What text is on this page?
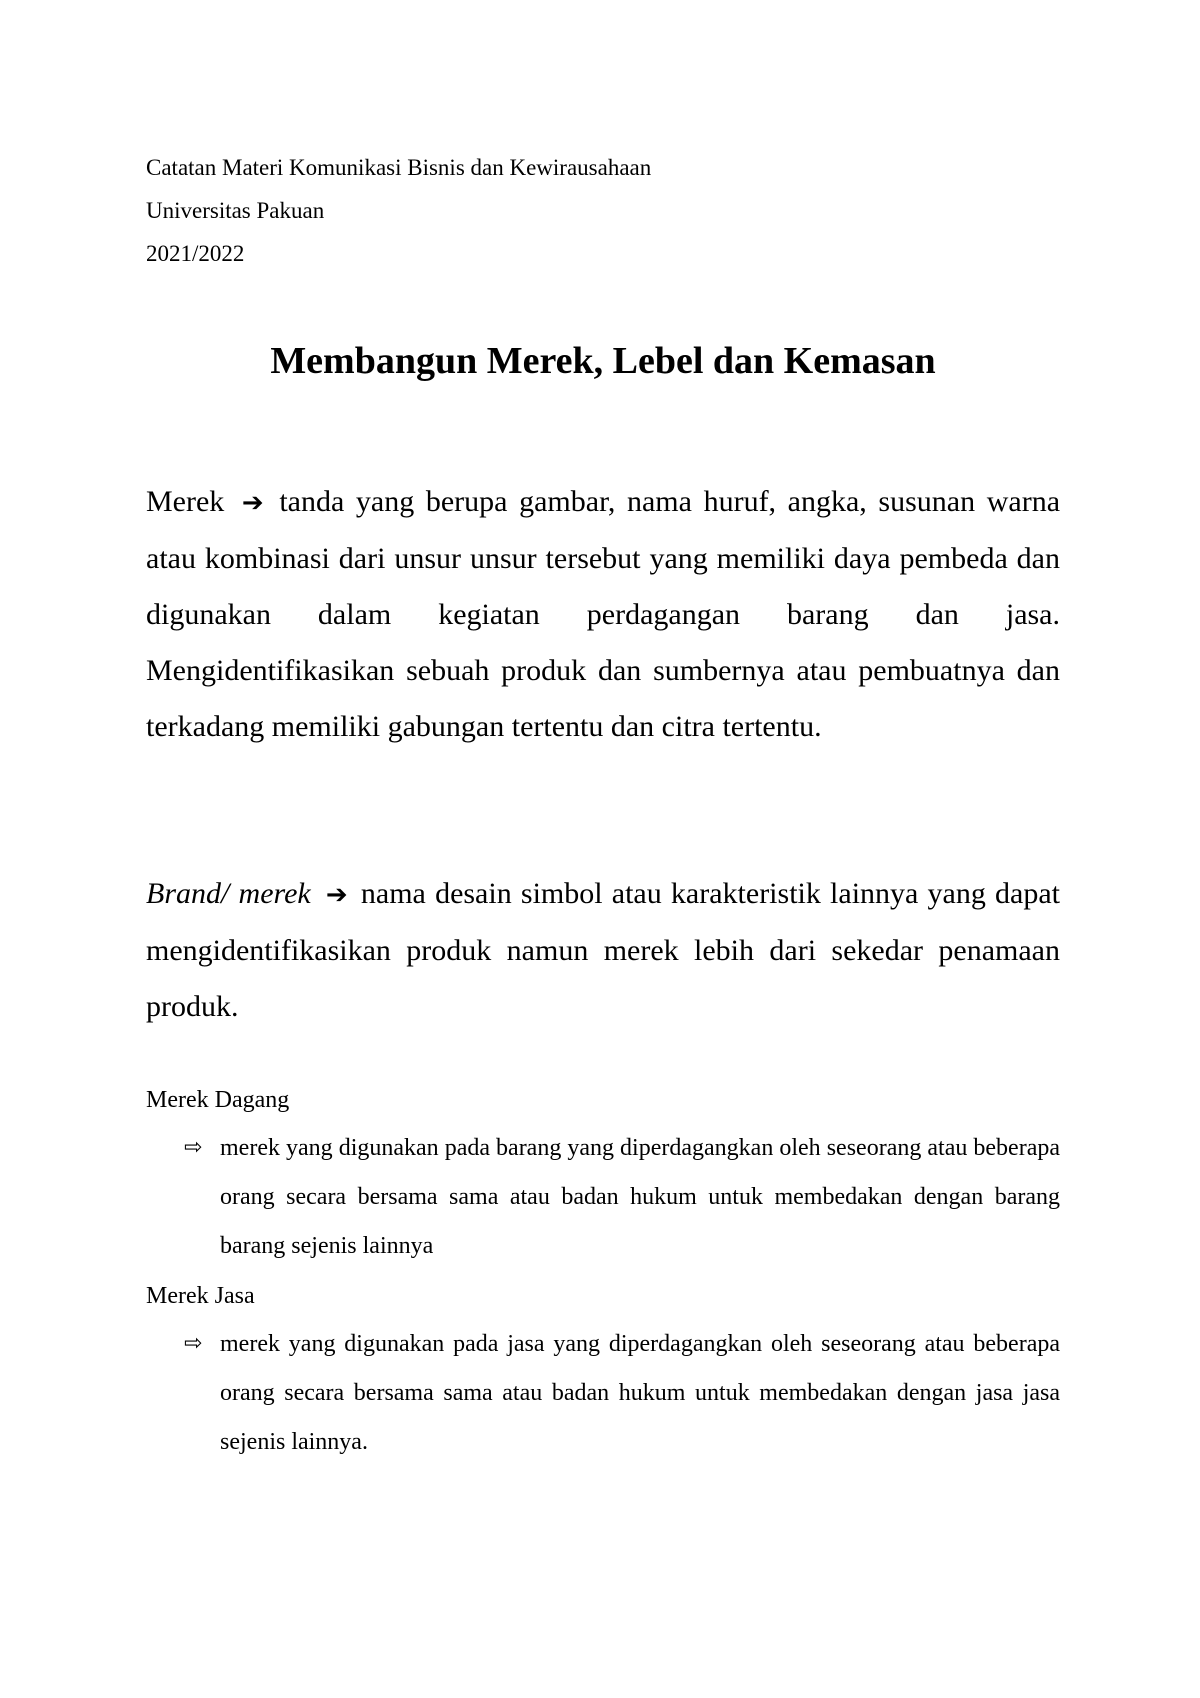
Catatan Materi Komunikasi Bisnis dan Kewirausahaan
Universitas Pakuan
2021/2022
Membangun Merek, Lebel dan Kemasan

Merek ➔ tanda yang berupa gambar, nama huruf, angka, susunan warna atau kombinasi dari unsur unsur tersebut yang memiliki daya pembeda dan digunakan dalam kegiatan perdagangan barang dan jasa. Mengidentifikasikan sebuah produk dan sumbernya atau pembuatnya dan terkadang memiliki gabungan tertentu dan citra tertentu.

Brand/ merek ➔ nama desain simbol atau karakteristik lainnya yang dapat mengidentifikasikan produk namun merek lebih dari sekedar penamaan produk.

Merek Dagang
⇨ merek yang digunakan pada barang yang diperdagangkan oleh seseorang atau beberapa orang secara bersama sama atau badan hukum untuk membedakan dengan barang barang sejenis lainnya
Merek Jasa
⇨ merek yang digunakan pada jasa yang diperdagangkan oleh seseorang atau beberapa orang secara bersama sama atau badan hukum untuk membedakan dengan jasa jasa sejenis lainnya.
